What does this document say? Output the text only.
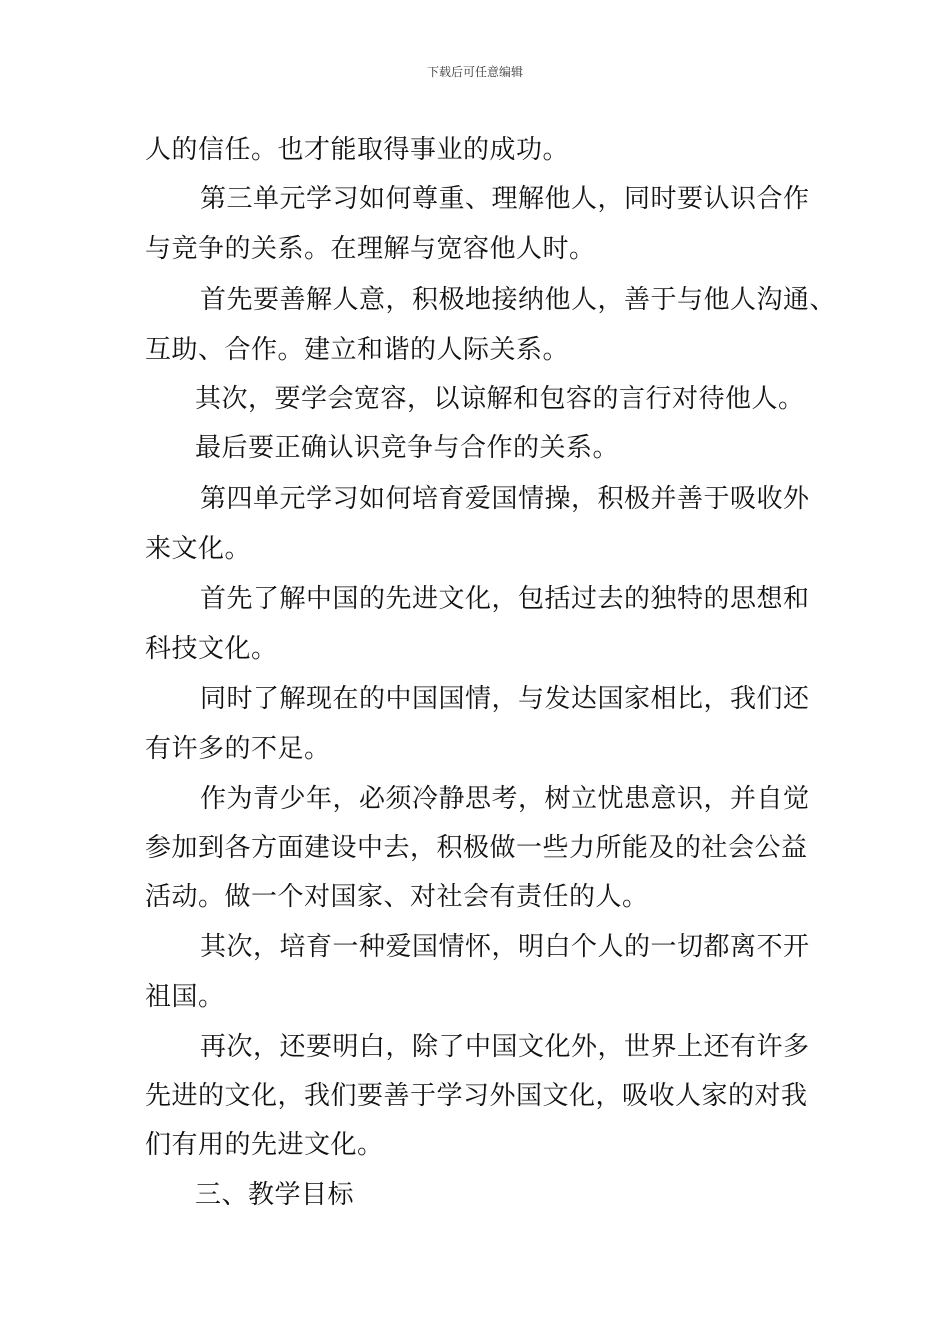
下载后可任意编辑
人的信任。也才能取得事业的成功。
第三单元学习如何尊重、理解他人，同时要认识合作
与竞争的关系。在理解与宽容他人时。
首先要善解人意，积极地接纳他人，善于与他人沟通、
互助、合作。建立和谐的人际关系。
其次，要学会宽容，以谅解和包容的言行对待他人。
最后要正确认识竞争与合作的关系。
第四单元学习如何培育爱国情操，积极并善于吸收外
来文化。
首先了解中国的先进文化，包括过去的独特的思想和
科技文化。
同时了解现在的中国国情，与发达国家相比，我们还
有许多的不足。
作为青少年，必须冷静思考，树立忧患意识，并自觉
参加到各方面建设中去，积极做一些力所能及的社会公益
活动。做一个对国家、对社会有责任的人。
其次，培育一种爱国情怀，明白个人的一切都离不开
祖国。
再次，还要明白，除了中国文化外，世界上还有许多
先进的文化，我们要善于学习外国文化，吸收人家的对我
们有用的先进文化。
三、教学目标
